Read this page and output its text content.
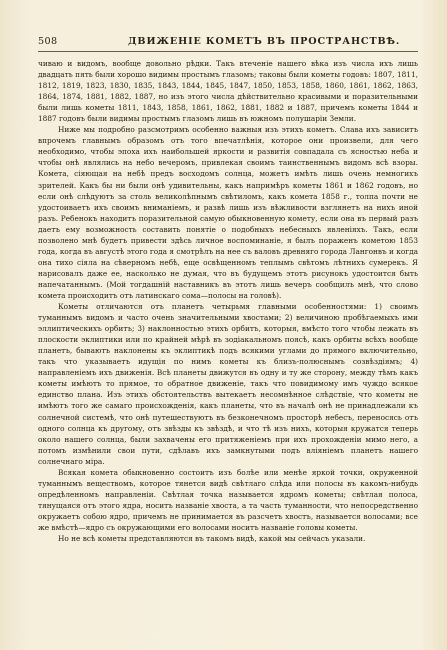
508	ДВИЖЕНІЕ КОМЕТЪ ВЪ ПРОСТРАНСТВѢ.

чиваю и видомъ, вообще довольно рѣдки. Такъ втеченіе нашего вѣка изъ числа ихъ лишь двадцать пять были хорошо видимы простымъ глазомъ; таковы были кометы годовъ: 1807, 1811, 1812, 1819, 1823, 1830, 1835, 1843, 1844, 1845, 1847, 1850, 1853, 1858, 1860, 1861, 1862, 1863, 1864, 1874, 1881, 1882, 1887, но изъ этого числа дѣйствительно красивыми и поразительными были лишь кометы 1811, 1843, 1858, 1861, 1862, 1881, 1882 и 1887, причемъ кометы 1844 и 1887 годовъ были видимы простымъ глазомъ лишь въ южномъ полушаріи Земли.

Ниже мы подробно разсмотримъ особенно важныя изъ этихъ кометъ. Слава ихъ зависитъ впрочемъ главнымъ образомъ отъ того впечатлѣнія, которое они произвели, для чего необходимо, чтобы эпоха ихъ наибольшей яркости и развитія совпадала съ ясностью неба и чтобы онѣ являлись на небо вечеромъ, привлекая своимъ таинственнымъ видомъ всѣ взоры. Комета, сіяющая на небѣ предъ восходомъ солнца, можетъ имѣть лишь очень немногихъ зрителей. Какъ бы ни были онѣ удивительны, какъ напримѣръ кометы 1861 и 1862 годовъ, но если онѣ слѣдуютъ за столь великолѣпнымъ свѣтиломъ, какъ комета 1858 г., толпа почти не удостоиваетъ ихъ своимъ вниманіемъ, и развѣ лишь изъ вѣжливости взглянетъ на нихъ иной разъ. Ребенокъ находитъ поразительной самую обыкновенную комету, если она въ первый разъ даетъ ему возможность составить понятіе о подобныхъ небесныхъ явленіяхъ. Такъ, если позволено мнѣ будетъ привести здѣсь личное воспоминаніе, я былъ пораженъ кометою 1853 года, когда въ августѣ этого года я смотрѣлъ на нее съ валовъ древняго города Лангонвъ и когда она тихо сіяла на сѣверномъ небѣ, еще освѣщенномъ теплымъ свѣтомъ лѣтнихъ сумерекъ. Я нарисовалъ даже ее, насколько не думая, что въ будущемъ этотъ рисунокъ удостоится быть напечатаннымъ. (Мой тогдашній наставникъ въ этотъ лишь вечеръ сообщилъ мнѣ, что слово комета происходитъ отъ латинскаго сома—полосы на головѣ).

Кометы отличаются отъ планетъ четырьмя главными особенностями: 1) своимъ туманнымъ видомъ и часто очень значительными хвостами; 2) величиною пробѣгаемыхъ ими эллиптическихъ орбитъ; 3) наклонностью этихъ орбитъ, которыя, вмѣсто того чтобы лежать въ плоскости эклиптики или по крайней мѣрѣ въ зодіакальномъ поясѣ, какъ орбиты всѣхъ вообще планетъ, бываютъ наклонены къ эклиптикѣ подъ всякими углами до прямого включительно, такъ что указываетъ идущія по нимъ кометы къ близъ-полюснымъ созвѣздіямъ; 4) направленіемъ ихъ движенія. Всѣ планеты движутся въ одну и ту же сторону, между тѣмъ какъ кометы имѣютъ то прямое, то обратное движеніе, такъ что повидимому имъ чуждо всякое единство плана. Изъ этихъ обстоятельствъ вытекаетъ несомнѣнное слѣдствіе, что кометы не имѣютъ того же самаго происхожденія, какъ планеты, что въ началѣ онѣ не принадлежали къ солнечной системѣ, что онѣ путешествуютъ въ безконечномъ просторѣ небесъ, переносясь отъ одного солнца къ другому, отъ звѣзды къ звѣздѣ, и что тѣ изъ нихъ, которыя кружатся теперь около нашего солнца, были захвачены его притяженіемъ при ихъ прохожденіи мимо него, а потомъ измѣнили свои пути, сдѣлавъ ихъ замкнутыми подъ вліяніемъ планетъ нашего солнечнаго міра.

Всякая комета обыкновенно состоитъ изъ болѣе или менѣе яркой точки, окруженной туманнымъ веществомъ, которое тянется видѣ свѣтлаго слѣда или полосы въ какомъ-нибудь опредѣленномъ направленіи. Свѣтлая точка называется ядромъ кометы; свѣтлая полоса, тянущаяся отъ этого ядра, носитъ названіе хвоста, а та часть туманности, что непосредственно окружаетъ собою ядро, причемъ не принимается въ разсчетъ хвостъ, называется волосами; все же вмѣстѣ—ядро съ окружающими его волосами носитъ названіе головы кометы.

Но не всѣ кометы представляются въ такомъ видѣ, какой мы сейчасъ указали.
